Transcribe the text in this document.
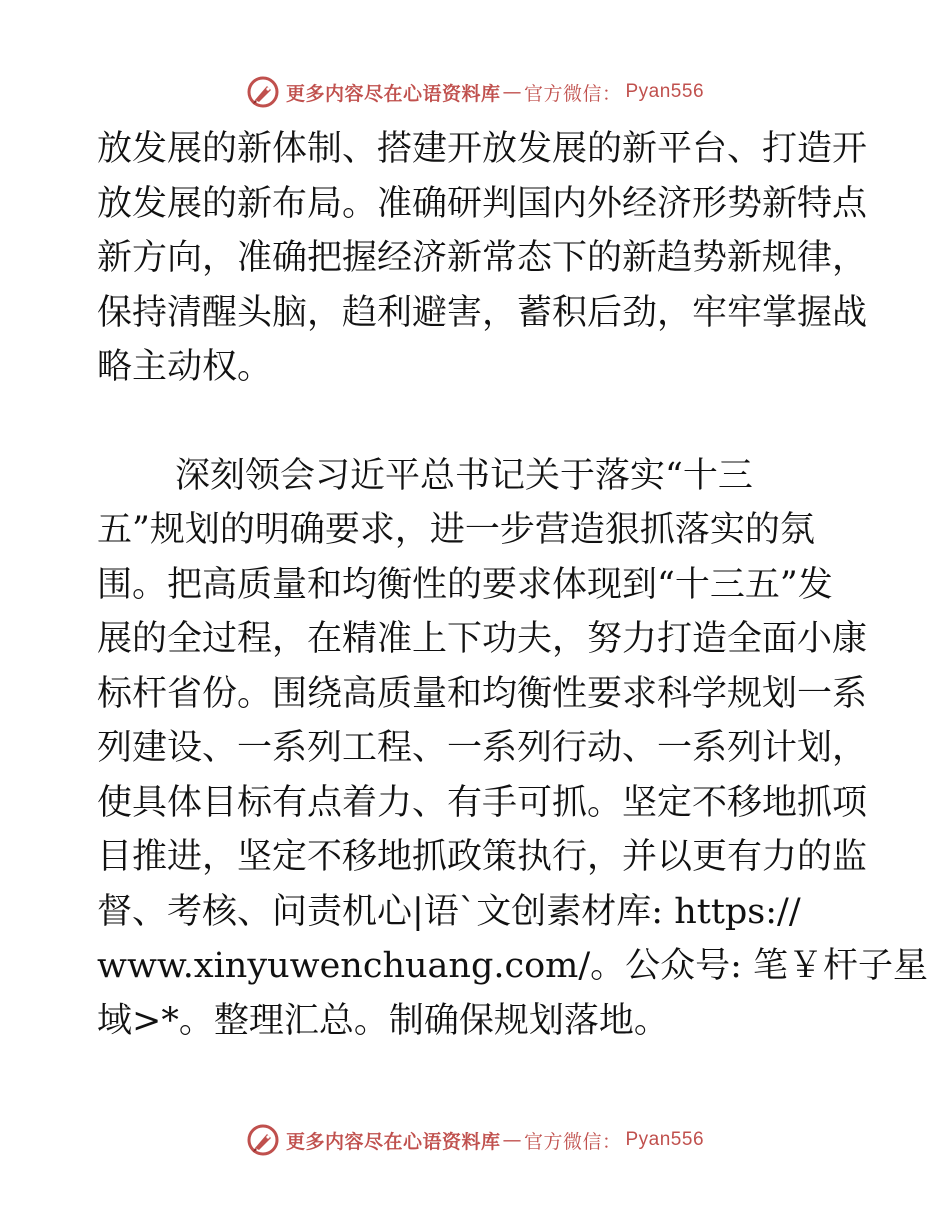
更多内容尽在心语资料库 — 官方微信： Pyan556
放发展的新体制、搭建开放发展的新平台、打造开
放发展的新布局。准确研判国内外经济形势新特点
新方向，准确把握经济新常态下的新趋势新规律，
保持清醒头脑，趋利避害，蓄积后劲，牢牢掌握战
略主动权。
深刻领会习近平总书记关于落实“十三
五”规划的明确要求，进一步营造狠抓落实的氛
围。把高质量和均衡性的要求体现到“十三五”发
展的全过程，在精准上下功夫，努力打造全面小康
标杆省份。围绕高质量和均衡性要求科学规划一系
列建设、一系列工程、一系列行动、一系列计划，
使具体目标有点着力、有手可抓。坚定不移地抓项
目推进，坚定不移地抓政策执行，并以更有力的监
督、考核、问责机心|语`文创素材库: https://
www.xinyuwenchuang.com/。公众号: 笔￥杆子星
域>*。整理汇总。制确保规划落地。
更多内容尽在心语资料库 — 官方微信： Pyan556
